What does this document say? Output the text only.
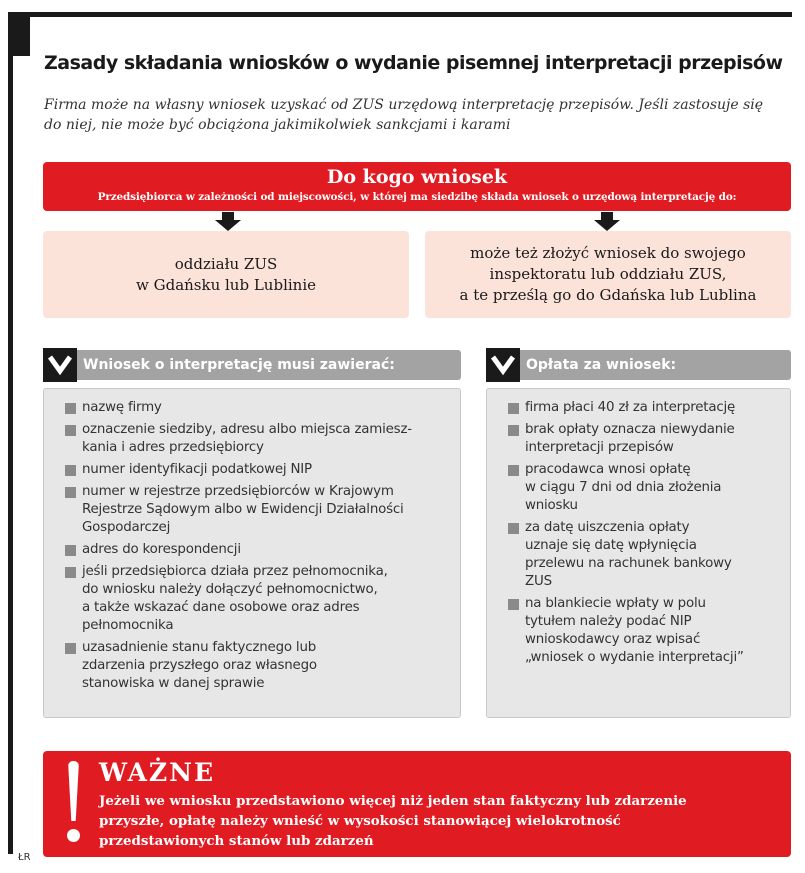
Zasady składania wniosków o wydanie pisemnej interpretacji przepisów
Firma może na własny wniosek uzyskać od ZUS urzędową interpretację przepisów. Jeśli zastosuje się
do niej, nie może być obciążona jakimikolwiek sankcjami i karami
Do kogo wniosek
Przedsiębiorca w zależności od miejscowości, w której ma siedzibę składa wniosek o urzędową interpretację do:
oddziału ZUS
w Gdańsku lub Lublinie
może też złożyć wniosek do swojego
inspektoratu lub oddziału ZUS,
a te prześlą go do Gdańska lub Lublina
Wniosek o interpretację musi zawierać:	Opłata za wniosek:
nazwę firmy
oznaczenie siedziby, adresu albo miejsca zamiesz-
kania i adres przedsiębiorcy
numer identyfikacji podatkowej NIP
numer w rejestrze przedsiębiorców w Krajowym
Rejestrze Sądowym albo w Ewidencji Działalności
Gospodarczej
adres do korespondencji
jeśli przedsiębiorca działa przez pełnomocnika,
do wniosku należy dołączyć pełnomocnictwo,
a także wskazać dane osobowe oraz adres
pełnomocnika
uzasadnienie stanu faktycznego lub
zdarzenia przyszłego oraz własnego
stanowiska w danej sprawie
firma płaci 40 zł za interpretację
brak opłaty oznacza niewydanie
interpretacji przepisów
pracodawca wnosi opłatę
w ciągu 7 dni od dnia złożenia
wniosku
za datę uiszczenia opłaty
uznaje się datę wpłynięcia
przelewu na rachunek bankowy
ZUS
na blankiecie wpłaty w polu
tytułem należy podać NIP
wnioskodawcy oraz wpisać
„wniosek o wydanie interpretacji”
WAŻNE
Jeżeli we wniosku przedstawiono więcej niż jeden stan faktyczny lub zdarzenie
przyszłe, opłatę należy wnieść w wysokości stanowiącej wielokrotność
przedstawionych stanów lub zdarzeń
ŁR
